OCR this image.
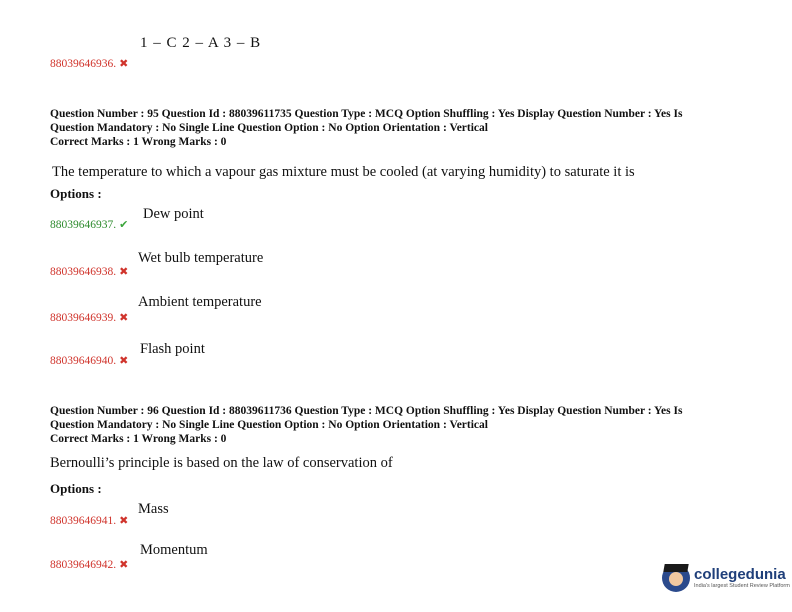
1 – C 2 – A 3 – B
88039646936. ✖
Question Number : 95 Question Id : 88039611735 Question Type : MCQ Option Shuffling : Yes Display Question Number : Yes Is
Question Mandatory : No Single Line Question Option : No Option Orientation : Vertical
Correct Marks : 1 Wrong Marks : 0
The temperature to which a vapour gas mixture must be cooled (at varying humidity) to saturate it is
Options :
88039646937. ✔
Dew point
88039646938. ✖
Wet bulb temperature
88039646939. ✖
Ambient temperature
88039646940. ✖
Flash point
Question Number : 96 Question Id : 88039611736 Question Type : MCQ Option Shuffling : Yes Display Question Number : Yes Is
Question Mandatory : No Single Line Question Option : No Option Orientation : Vertical
Correct Marks : 1 Wrong Marks : 0
Bernoulli’s principle is based on the law of conservation of
Options :
88039646941. ✖
Mass
88039646942. ✖
Momentum
collegedunia
India's largest Student Review Platform
